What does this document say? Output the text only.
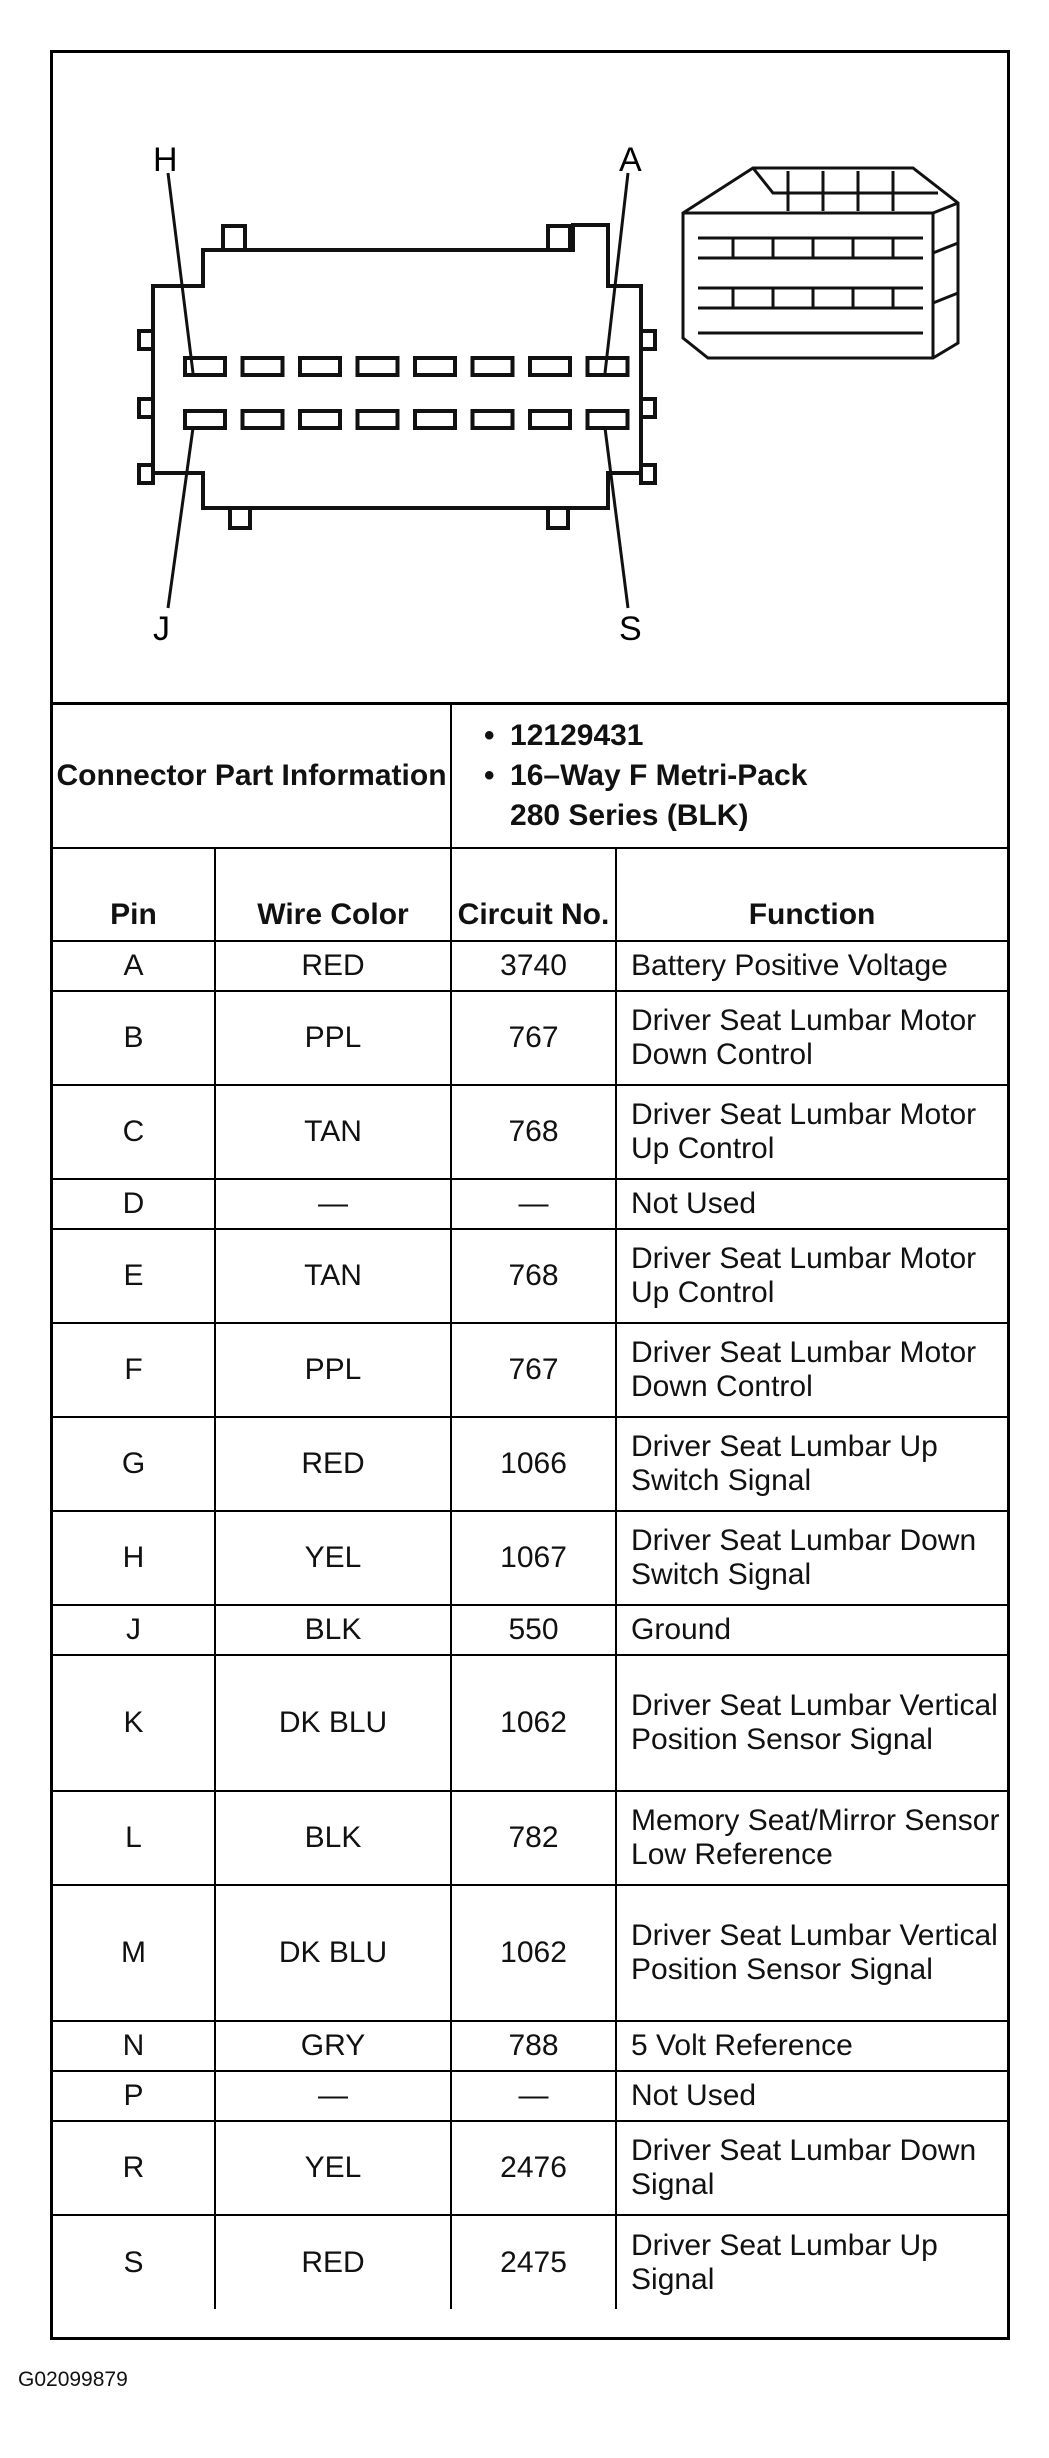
H	A
J	S
Connector Part Information		• 12129431
• 16–Way F Metri-Pack
280 Series (BLK)	

Pin	Wire Color	Circuit No.	Function
A	RED	3740	Battery Positive Voltage
B	PPL	767	Driver Seat Lumbar Motor Down Control
C	TAN	768	Driver Seat Lumbar Motor Up Control
D	—	—	Not Used
E	TAN	768	Driver Seat Lumbar Motor Up Control
F	PPL	767	Driver Seat Lumbar Motor Down Control
G	RED	1066	Driver Seat Lumbar Up Switch Signal
H	YEL	1067	Driver Seat Lumbar Down Switch Signal
J	BLK	550	Ground
K	DK BLU	1062	Driver Seat Lumbar Vertical Position Sensor Signal
L	BLK	782	Memory Seat/Mirror Sensor Low Reference
M	DK BLU	1062	Driver Seat Lumbar Vertical Position Sensor Signal
N	GRY	788	5 Volt Reference
P	—	—	Not Used
R	YEL	2476	Driver Seat Lumbar Down Signal
S	RED	2475	Driver Seat Lumbar Up Signal
G02099879
